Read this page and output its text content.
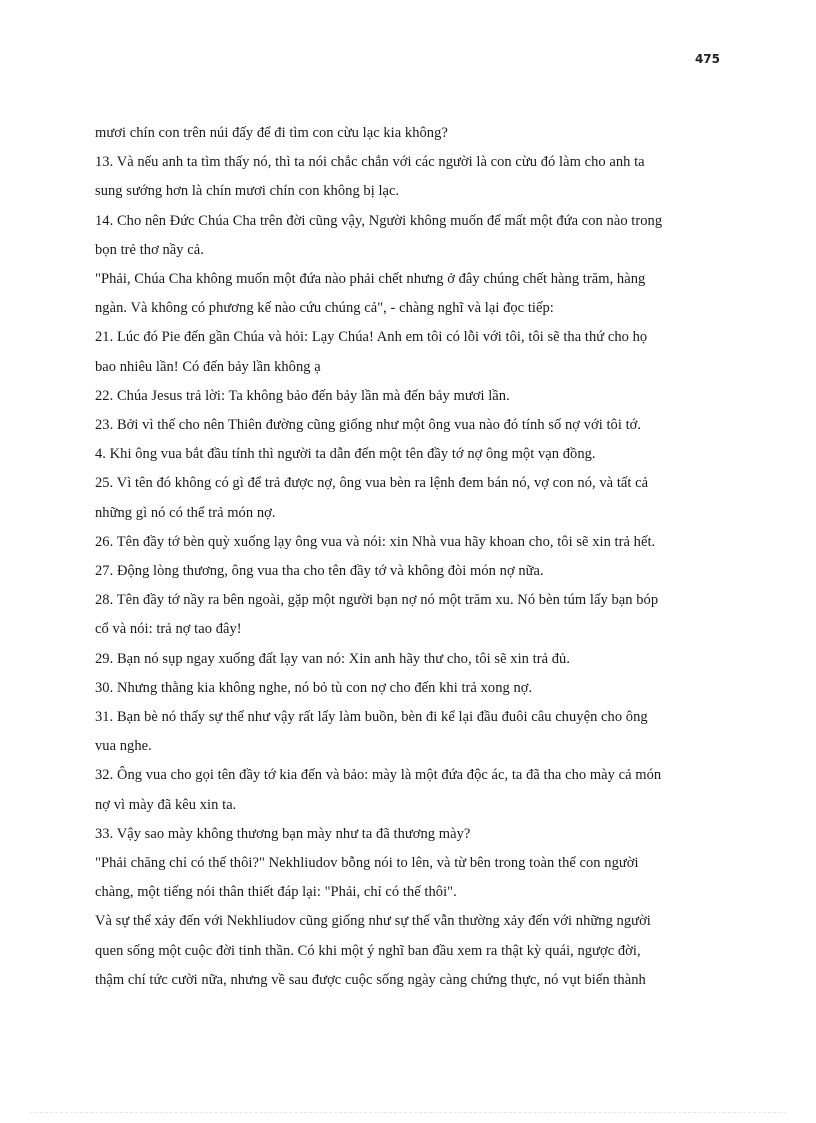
475
mươi chín con trên núi đấy để đi tìm con cừu lạc kia không?
13. Và nếu anh ta tìm thấy nó, thì ta nói chắc chắn với các người là con cừu đó làm cho anh ta
sung sướng hơn là chín mươi chín con không bị lạc.
14. Cho nên Đức Chúa Cha trên đời cũng vậy, Người không muốn để mất một đứa con nào trong
bọn trẻ thơ nầy cả.
"Phải, Chúa Cha không muốn một đứa nào phải chết nhưng ở đây chúng chết hàng trăm, hàng
ngàn. Và không có phương kế nào cứu chúng cả", - chàng nghĩ và lại đọc tiếp:
21. Lúc đó Pie đến gần Chúa và hỏi: Lạy Chúa! Anh em tôi có lỗi với tôi, tôi sẽ tha thứ cho họ
bao nhiêu lần! Có đến bảy lần không ạ
22. Chúa Jesus trả lời: Ta không bảo đến bảy lần mà đến bảy mươi lần.
23. Bởi vì thế cho nên Thiên đường cũng giống như một ông vua nào đó tính số nợ với tôi tớ.
4. Khi ông vua bắt đầu tính thì người ta dẫn đến một tên đầy tớ nợ ông một vạn đồng.
25. Vì tên đó không có gì để trả được nợ, ông vua bèn ra lệnh đem bán nó, vợ con nó, và tất cả
những gì nó có thể trả món nợ.
26. Tên đầy tớ bèn quỳ xuống lạy ông vua và nói: xin Nhà vua hãy khoan cho, tôi sẽ xin trả hết.
27. Động lòng thương, ông vua tha cho tên đầy tớ và không đòi món nợ nữa.
28. Tên đầy tớ nầy ra bên ngoài, gặp một người bạn nợ nó một trăm xu. Nó bèn túm lấy bạn bóp
cổ và nói: trả nợ tao đây!
29. Bạn nó sụp ngay xuống đất lạy van nó: Xin anh hãy thư cho, tôi sẽ xin trả đủ.
30. Nhưng thằng kia không nghe, nó bỏ tù con nợ cho đến khi trả xong nợ.
31. Bạn bè nó thấy sự thể như vậy rất lấy làm buồn, bèn đi kể lại đầu đuôi câu chuyện cho ông
vua nghe.
32. Ông vua cho gọi tên đầy tớ kia đến và bảo: mày là một đứa độc ác, ta đã tha cho mày cả món
nợ vì mày đã kêu xin ta.
33. Vậy sao mày không thương bạn mày như ta đã thương mày?
"Phải chăng chỉ có thế thôi?" Nekhliudov bỗng nói to lên, và từ bên trong toàn thể con người
chàng, một tiếng nói thân thiết đáp lại: "Phải, chỉ có thế thôi".
Và sự thể xảy đến với Nekhliudov cũng giống như sự thể vẫn thường xảy đến với những người
quen sống một cuộc đời tinh thần. Có khi một ý nghĩ ban đầu xem ra thật kỳ quái, ngược đời,
thậm chí tức cười nữa, nhưng về sau được cuộc sống ngày càng chứng thực, nó vụt biến thành
